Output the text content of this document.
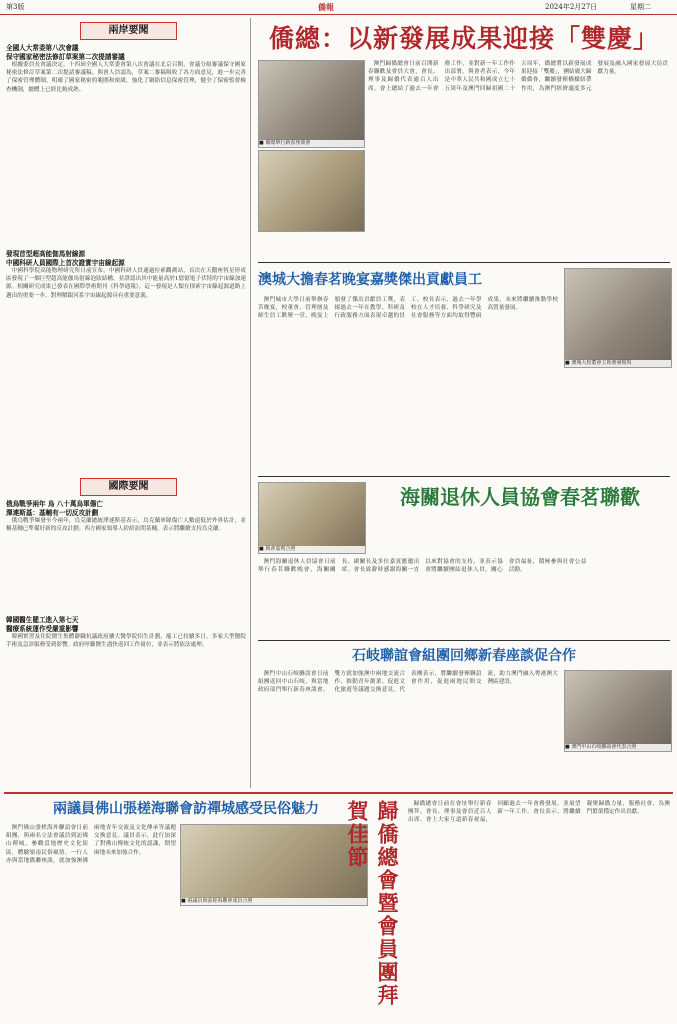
第3版	僑報	2024年2月27日	星期二
兩岸要聞
全國人大常委第八次會議
保守國家秘密法修訂草案第二次提請審議

根據委員長會議決定，十四屆全國人大常委會第八次會議在北京召開，會議分組審議保守國家秘密法修訂草案第二次提請審議稿。與會人員認為，草案二審稿吸收了各方面意見，進一步完善了保密管理體制，明確了國家秘密的範圍和密級，強化了網絡信息保密管理，健全了保密監督檢查機制，總體上已經比較成熟。

發現首型超高能伽馬射線源
中國科研人員國際上首次證實宇宙線起源

中國科學院高能物理研究所日前宣布，中國科研人員通過拉索觀測站，首次在天鵝座恆星形成區發現了一個巨型超高能伽馬射線泡狀結構，並證認出其中能量高於1億億電子伏特的宇宙線加速源。相關研究成果已發表在國際學術期刊《科學通報》。這一發現是人類在探索宇宙線起源道路上邁出的重要一步，對理解銀河系宇宙線起源具有重要意義。

國際要聞
俄烏戰爭兩年 烏 八十萬烏軍傷亡
澤連斯基：基輔有一切反攻計劃

俄烏戰爭爆發至今兩年，烏克蘭總統澤連斯基表示，烏克蘭軍隊傷亡人數遠低於外界估計，並稱基輔已準備好新的反攻計劃。西方國家領導人紛紛訪問基輔，表示將繼續支持烏克蘭。

韓國醫生罷工進入第七天
醫療系統運作受嚴重影響

韓國實習及住院醫生集體辭職抗議政府擴大醫學院招生計劃，罷工已持續多日，多家大型醫院手術及急診服務受到影響。政府呼籲醫生盡快返回工作崗位，並表示將依法處理。

僑總：以新發展成果迎接「雙慶」
■ 僑總舉行新春座談會

澳門歸僑總會日前召開新春聯歡及會員大會，會長、理事及歸僑代表逾百人出席。會上總結了過去一年會務工作，並對新一年工作作出部署。與會者表示，今年是中華人民共和國成立七十五周年及澳門回歸祖國二十五周年，僑總將以新發展成果迎接「雙慶」，團結廣大歸僑僑眷，繼續發揮橋樑紐帶作用，為澳門經濟適度多元發展及融入國家發展大局貢獻力量。

澳城大擔春茗晚宴嘉獎傑出貢獻員工

澳門城市大學日前舉辦春茗晚宴，校董會、管理層及師生員工歡聚一堂。晚宴上頒發了傑出貢獻員工獎，表揚過去一年在教學、科研及行政服務方面表現卓越的員工。校長表示，過去一年學校在人才培養、科學研究及社會服務等方面均取得豐碩成果，未來將繼續推動學校高質量發展。

■ 澳城大校董會主席頒發獎項
海關退休人員協會春茗聯歡
■ 與會嘉賓合照

澳門海關退休人員協會日前舉行春茗聯歡晚會，海關關長、副關長及多位嘉賓應邀出席。會長致辭時感謝海關一直以來對協會的支持，並表示協會將繼續團結退休人員，關心會員福祉，積極參與社會公益活動。

石岐聯誼會組團回鄉新春座談促合作

澳門中山石岐聯誼會日前組團返回中山石岐，與當地政府部門舉行新春座談會。雙方就加強澳中兩地交流合作、推動青年創業、促進文化旅遊等議題交換意見。代表團表示，將繼續發揮聯誼會作用，促進兩地民間交流，助力澳門融入粵港澳大灣區建設。

■ 澳門中山石岐聯誼會代表合照
兩議員佛山張槎海聯會訪禪城感受民俗魅力

澳門佛山張槎海外聯誼會日前組團，與兩名立法會議員到訪佛山禪城，參觀當地歷史文化街區，體驗嶺南民俗風情。一行人亦與當地僑聯座談，就加強澳佛兩地青年交流及文化傳承等議題交換意見。議員表示，此行加深了對佛山傳統文化的認識，期望兩地未來加強合作。

■ 兩議員與張槎海聯會成員合照	歸僑總會暨會員團拜賀佳節	歸僑總會日前在會址舉行新春團拜，會長、理事及會員近百人出席。會上大家互道新春祝福，回顧過去一年會務發展，並展望新一年工作。會長表示，將繼續凝聚歸僑力量，服務社會，為澳門繁榮穩定作出貢獻。
